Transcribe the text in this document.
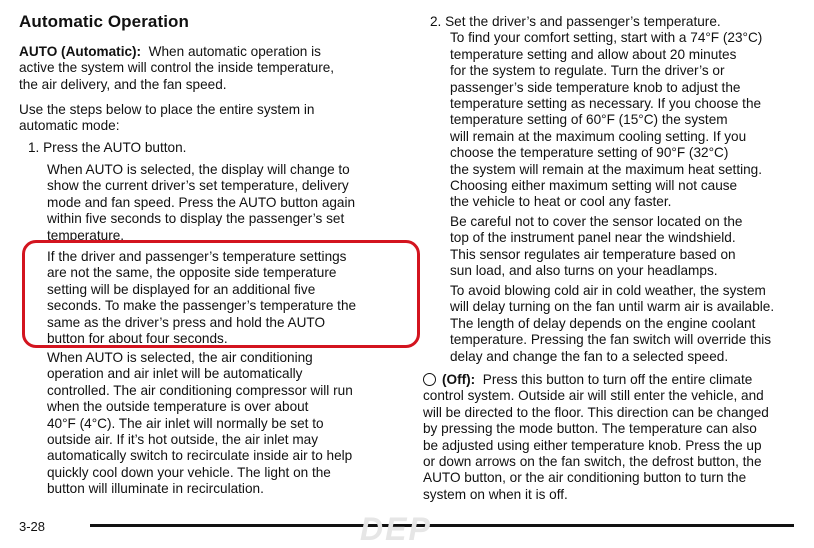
Automatic Operation
AUTO (Automatic): When automatic operation is
active the system will control the inside temperature,
the air delivery, and the fan speed.
Use the steps below to place the entire system in
automatic mode:
1. Press the AUTO button.
When AUTO is selected, the display will change to
show the current driver’s set temperature, delivery
mode and fan speed. Press the AUTO button again
within five seconds to display the passenger’s set
temperature.
If the driver and passenger’s temperature settings
are not the same, the opposite side temperature
setting will be displayed for an additional five
seconds. To make the passenger’s temperature the
same as the driver’s press and hold the AUTO
button for about four seconds.
When AUTO is selected, the air conditioning
operation and air inlet will be automatically
controlled. The air conditioning compressor will run
when the outside temperature is over about
40°F (4°C). The air inlet will normally be set to
outside air. If it’s hot outside, the air inlet may
automatically switch to recirculate inside air to help
quickly cool down your vehicle. The light on the
button will illuminate in recirculation.
2. Set the driver’s and passenger’s temperature.
To find your comfort setting, start with a 74°F (23°C)
temperature setting and allow about 20 minutes
for the system to regulate. Turn the driver’s or
passenger’s side temperature knob to adjust the
temperature setting as necessary. If you choose the
temperature setting of 60°F (15°C) the system
will remain at the maximum cooling setting. If you
choose the temperature setting of 90°F (32°C)
the system will remain at the maximum heat setting.
Choosing either maximum setting will not cause
the vehicle to heat or cool any faster.
Be careful not to cover the sensor located on the
top of the instrument panel near the windshield.
This sensor regulates air temperature based on
sun load, and also turns on your headlamps.
To avoid blowing cold air in cold weather, the system
will delay turning on the fan until warm air is available.
The length of delay depends on the engine coolant
temperature. Pressing the fan switch will override this
delay and change the fan to a selected speed.
(Off): Press this button to turn off the entire climate
control system. Outside air will still enter the vehicle, and
will be directed to the floor. This direction can be changed
by pressing the mode button. The temperature can also
be adjusted using either temperature knob. Press the up
or down arrows on the fan switch, the defrost button, the
AUTO button, or the air conditioning button to turn the
system on when it is off.
3-28	DEP
